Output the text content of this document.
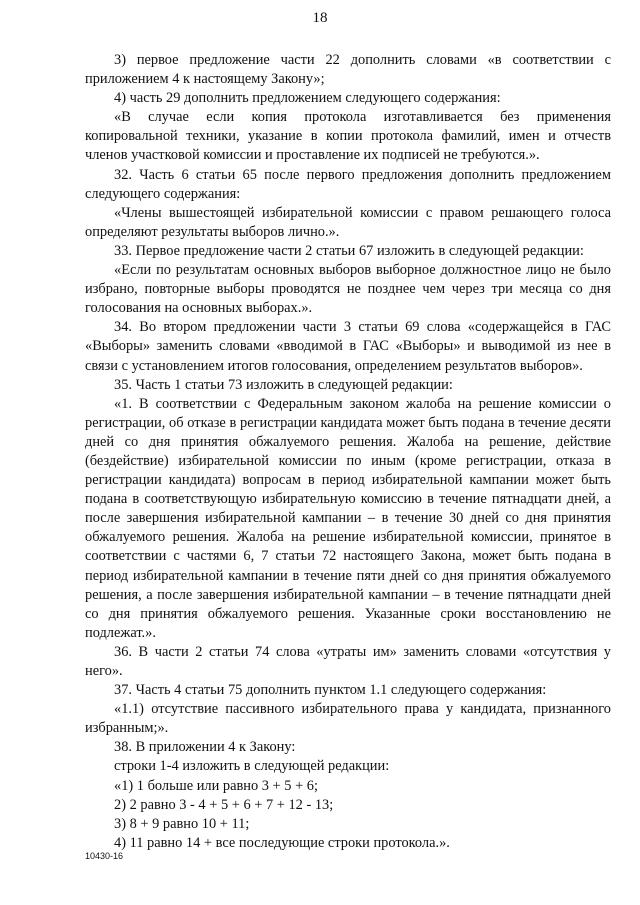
18

3) первое предложение части 22 дополнить словами «в соответствии с приложением 4 к настоящему Закону»;

4) часть 29 дополнить предложением следующего содержания:

«В случае если копия протокола изготавливается без применения копировальной техники, указание в копии протокола фамилий, имен и отчеств членов участковой комиссии и проставление их подписей не требуются.».

32. Часть 6 статьи 65 после первого предложения дополнить предложением следующего содержания:

«Члены вышестоящей избирательной комиссии с правом решающего голоса определяют результаты выборов лично.».

33. Первое предложение части 2 статьи 67 изложить в следующей редакции:

«Если по результатам основных выборов выборное должностное лицо не было избрано, повторные выборы проводятся не позднее чем через три месяца со дня голосования на основных выборах.».

34. Во втором предложении части 3 статьи 69 слова «содержащейся в ГАС «Выборы» заменить словами «вводимой в ГАС «Выборы» и выводимой из нее в связи с установлением итогов голосования, определением результатов выборов».

35. Часть 1 статьи 73 изложить в следующей редакции:

«1. В соответствии с Федеральным законом жалоба на решение комиссии о регистрации, об отказе в регистрации кандидата может быть подана в течение десяти дней со дня принятия обжалуемого решения. Жалоба на решение, действие (бездействие) избирательной комиссии по иным (кроме регистрации, отказа в регистрации кандидата) вопросам в период избирательной кампании может быть подана в соответствующую избирательную комиссию в течение пятнадцати дней, а после завершения избирательной кампании – в течение 30 дней со дня принятия обжалуемого решения. Жалоба на решение избирательной комиссии, принятое в соответствии с частями 6, 7 статьи 72 настоящего Закона, может быть подана в период избирательной кампании в течение пяти дней со дня принятия обжалуемого решения, а после завершения избирательной кампании – в течение пятнадцати дней со дня принятия обжалуемого решения. Указанные сроки восстановлению не подлежат.».

36. В части 2 статьи 74 слова «утраты им» заменить словами «отсутствия у него».

37. Часть 4 статьи 75 дополнить пунктом 1.1 следующего содержания:

«1.1) отсутствие пассивного избирательного права у кандидата, признанного избранным;».

38. В приложении 4 к Закону:

строки 1-4 изложить в следующей редакции:

«1) 1 больше или равно 3 + 5 + 6;

2) 2 равно 3 - 4 + 5 + 6 + 7 + 12 - 13;

3) 8 + 9 равно 10 + 11;

4) 11 равно 14 + все последующие строки протокола.».

10430-16
